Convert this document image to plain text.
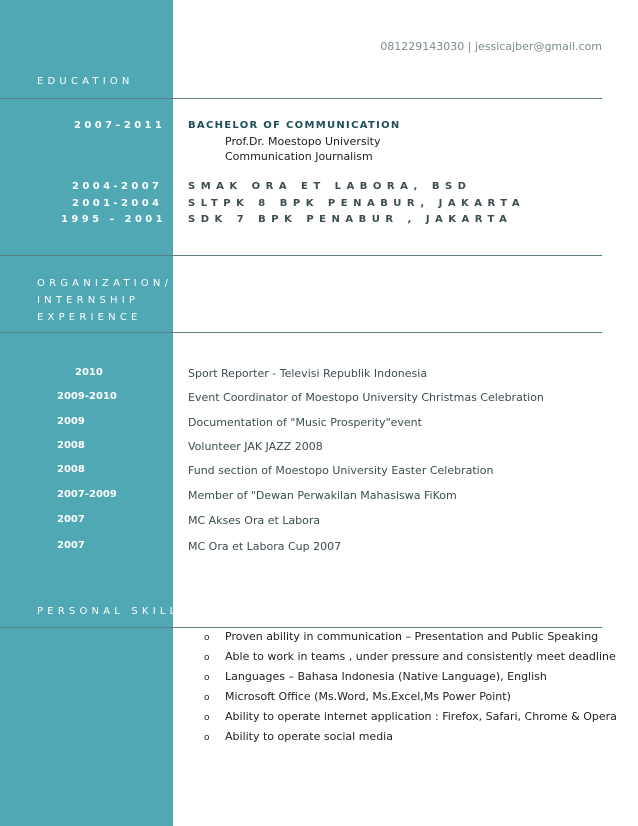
081229143030 | jessicajber@gmail.com
EDUCATION
2007–2011 BACHELOR OF COMMUNICATION
Prof.Dr. Moestopo University
Communication Journalism
2004-2007	SMAK ORA ET LABORA, BSD
2001-2004	SLTPK 8 BPK PENABUR, JAKARTA
1995 – 2001 SDK 7 BPK PENABUR , JAKARTA
ORGANIZATION/
INTERNSHIP
EXPERIENCE
2010	Sport Reporter - Televisi Republik Indonesia
2009-2010	Event Coordinator of Moestopo University Christmas Celebration
2009	Documentation of "Music Prosperity"event
2008	Volunteer JAK JAZZ 2008
2008	Fund section of Moestopo University Easter Celebration
2007-2009	Member of "Dewan Perwakilan Mahasiswa FiKom
2007	MC Akses Ora et Labora
2007	MC Ora et Labora Cup 2007
PERSONAL SKILL
o Proven ability in communication – Presentation and Public Speaking
o Able to work in teams , under pressure and consistently meet deadline
o Languages – Bahasa Indonesia (Native Language), English
o Microsoft Office (Ms.Word, Ms.Excel,Ms Power Point)
o Ability to operate internet application : Firefox, Safari, Chrome & Opera
o Ability to operate social media
